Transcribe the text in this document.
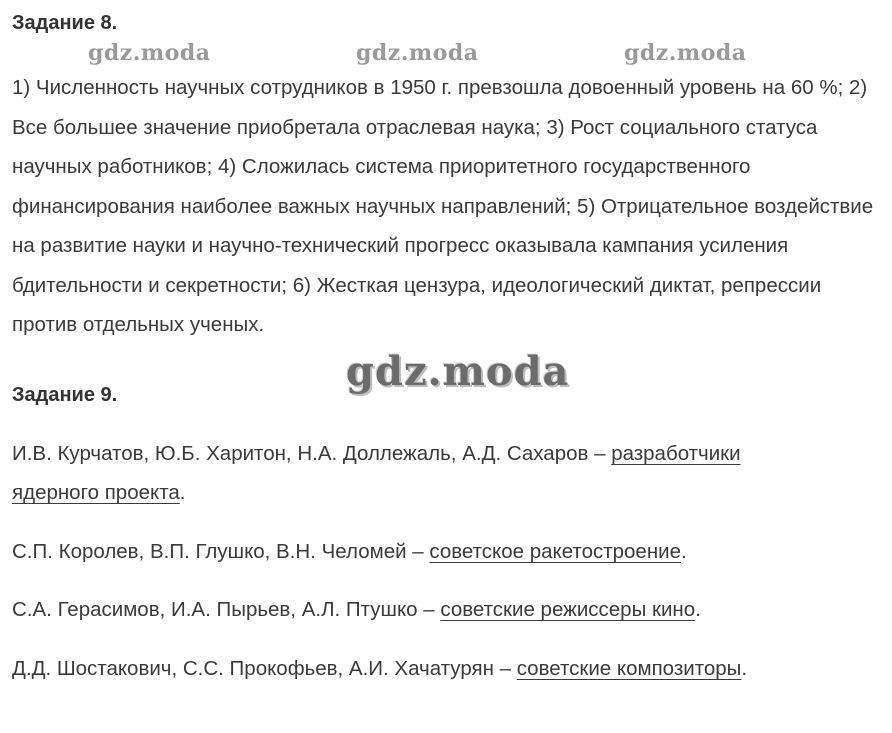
Задание 8.
gdz.moda	gdz.moda	gdz.moda

1) Численность научных сотрудников в 1950 г. превзошла довоенный уровень на 60 %; 2) Все большее значение приобретала отраслевая наука; 3) Рост социального статуса научных работников; 4) Сложилась система приоритетного государственного финансирования наиболее важных научных направлений; 5) Отрицательное воздействие на развитие науки и научно-технический прогресс оказывала кампания усиления бдительности и секретности; 6) Жесткая цензура, идеологический диктат, репрессии против отдельных ученых.

gdz.moda
Задание 9.
И.В. Курчатов, Ю.Б. Харитон, Н.А. Доллежаль, А.Д. Сахаров – разработчики
ядерного проекта.
С.П. Королев, В.П. Глушко, В.Н. Челомей – советское ракетостроение.
С.А. Герасимов, И.А. Пырьев, А.Л. Птушко – советские режиссеры кино.
Д.Д. Шостакович, С.С. Прокофьев, А.И. Хачатурян – советские композиторы.
